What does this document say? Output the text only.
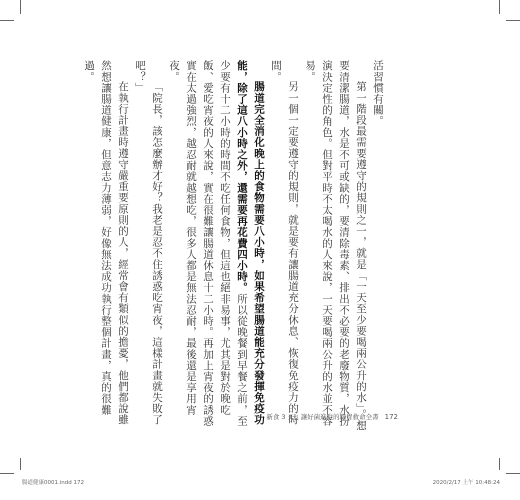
活習慣有關。

第一階段最需要遵守的規則之一，就是「一天至少要喝兩公升的水」。想要清潔腸道，水是不可或缺的，要清除毒素、排出不必要的老廢物質，水扮演決定性的角色。但對平時不太喝水的人來說，一天要喝兩公升的水並不容易。

另一個一定要遵守的規則，就是要有讓腸道充分休息、恢復免疫力的時間。

腸道完全消化晚上的食物需要八小時，如果希望腸道能充分發揮免疫功能，除了這八小時之外，還需要再花費四小時。所以從晚餐到早餐之前，至少要有十二小時的時間不吃任何食物，但這也絕非易事，尤其是對於晚吃飯、愛吃宵夜的人來說，實在很難讓腸道休息十二小時。再加上宵夜的誘惑實在太過強烈，越忍耐就越想吃，很多人都是無法忍耐，最後還是享用宵夜。

「院長，該怎麼辦才好？我老是忍不住誘惑吃宵夜，這樣計畫就失敗了吧？」

在執行計畫時遵守嚴重要原則的人，經常會有類似的擔憂，他們都說雖然想讓腸道健康，但意志力薄弱，好像無法成功執行整個計畫，真的很難過。

新食 3 天，讓好菌進駐的腸胃救命全書 172
腸道健康0001.indd 172	2020/2/17 上午 10:48:24
